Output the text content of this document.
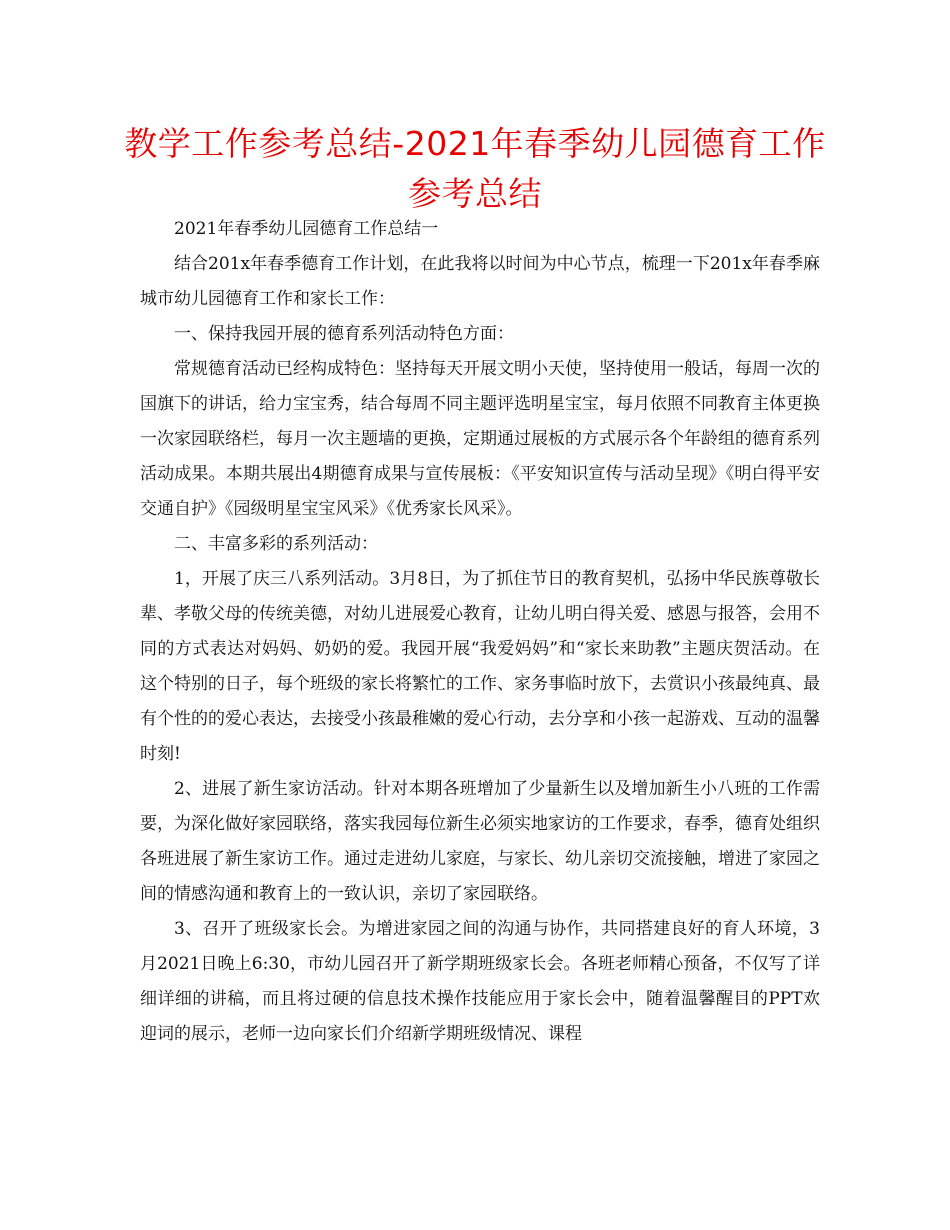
教学工作参考总结-2021年春季幼儿园德育工作
参考总结

2021年春季幼儿园德育工作总结一

结合201x年春季德育工作计划，在此我将以时间为中心节点，梳理一下201x年春季麻城市幼儿园德育工作和家长工作：

一、保持我园开展的德育系列活动特色方面：

常规德育活动已经构成特色：坚持每天开展文明小天使，坚持使用一般话，每周一次的国旗下的讲话，给力宝宝秀，结合每周不同主题评选明星宝宝，每月依照不同教育主体更换一次家园联络栏，每月一次主题墙的更换，定期通过展板的方式展示各个年龄组的德育系列活动成果。本期共展出4期德育成果与宣传展板：《平安知识宣传与活动呈现》《明白得平安交通自护》《园级明星宝宝风采》《优秀家长风采》。

二、丰富多彩的系列活动：

1，开展了庆三八系列活动。3月8日，为了抓住节日的教育契机，弘扬中华民族尊敬长辈、孝敬父母的传统美德，对幼儿进展爱心教育，让幼儿明白得关爱、感恩与报答，会用不同的方式表达对妈妈、奶奶的爱。我园开展“我爱妈妈”和“家长来助教”主题庆贺活动。在这个特别的日子，每个班级的家长将繁忙的工作、家务事临时放下，去赏识小孩最纯真、最有个性的的爱心表达，去接受小孩最稚嫩的爱心行动，去分享和小孩一起游戏、互动的温馨时刻!

2、进展了新生家访活动。针对本期各班增加了少量新生以及增加新生小八班的工作需要，为深化做好家园联络，落实我园每位新生必须实地家访的工作要求，春季，德育处组织各班进展了新生家访工作。通过走进幼儿家庭，与家长、幼儿亲切交流接触，增进了家园之间的情感沟通和教育上的一致认识，亲切了家园联络。

3、召开了班级家长会。为增进家园之间的沟通与协作，共同搭建良好的育人环境，3月2021日晚上6:30，市幼儿园召开了新学期班级家长会。各班老师精心预备，不仅写了详细详细的讲稿，而且将过硬的信息技术操作技能应用于家长会中，随着温馨醒目的PPT欢迎词的展示，老师一边向家长们介绍新学期班级情况、课程
